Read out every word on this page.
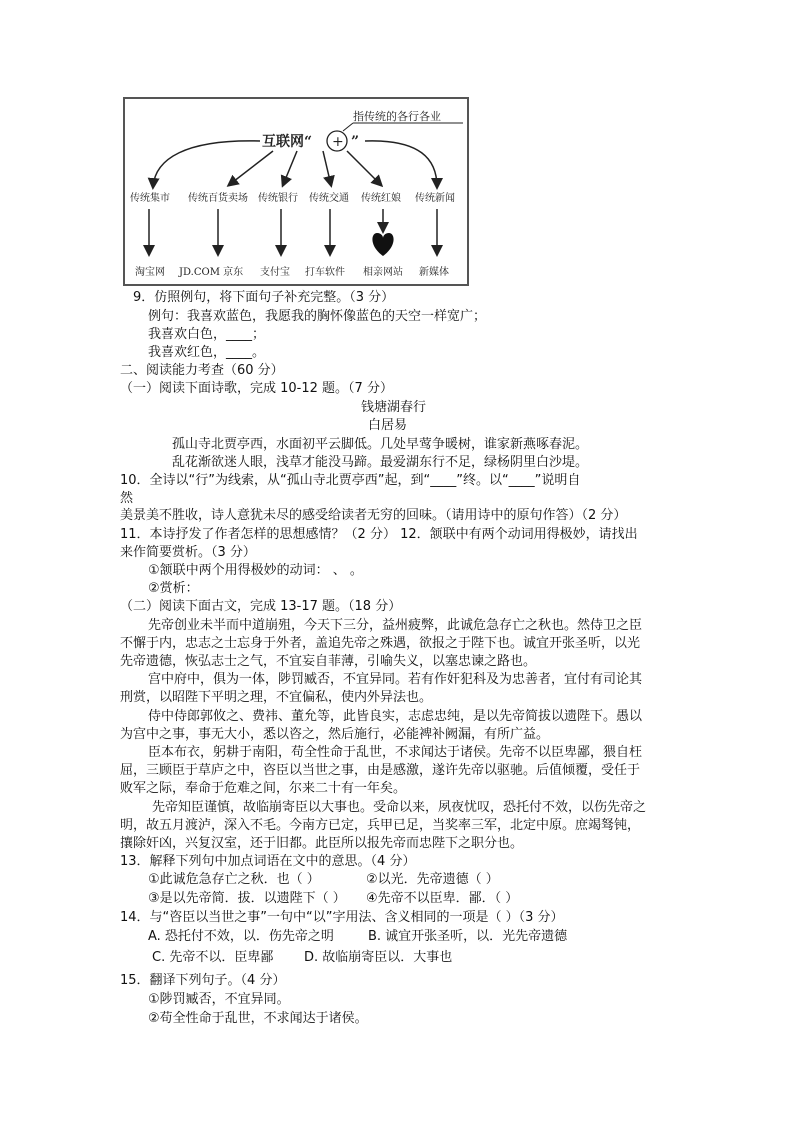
指传统的各行各业
互联网“ + ”
传统集市 传统百货卖场 传统银行 传统交通 传统红娘 传统新闻
淘宝网 JD.COM 京东 支付宝 打车软件 相亲网站 新媒体
9．仿照例句，将下面句子补充完整。（3 分）
例句：我喜欢蓝色，我愿我的胸怀像蓝色的天空一样宽广；
我喜欢白色，____；
我喜欢红色，____。
二、阅读能力考查（60 分）
（一）阅读下面诗歌，完成 10-12 题。（7 分）
钱塘湖春行
白居易
孤山寺北贾亭西，水面初平云脚低。几处早莺争暖树，谁家新燕啄春泥。
乱花渐欲迷人眼，浅草才能没马蹄。最爱湖东行不足，绿杨阴里白沙堤。
10．全诗以“行”为线索，从“孤山寺北贾亭西”起，到“____”终。以“____”说明自
然
美景美不胜收，诗人意犹未尽的感受给读者无穷的回味。（请用诗中的原句作答）（2 分）
11．本诗抒发了作者怎样的思想感情？（2 分） 12．颔联中有两个动词用得极妙，请找出
来作简要赏析。（3 分）
①颔联中两个用得极妙的动词： 、 。
②赏析：
（二）阅读下面古文，完成 13-17 题。（18 分）
先帝创业未半而中道崩殂，今天下三分，益州疲弊，此诚危急存亡之秋也。然侍卫之臣
不懈于内，忠志之士忘身于外者，盖追先帝之殊遇，欲报之于陛下也。诚宜开张圣听，以光
先帝遗德，恢弘志士之气，不宜妄自菲薄，引喻失义，以塞忠谏之路也。
宫中府中，俱为一体，陟罚臧否，不宜异同。若有作奸犯科及为忠善者，宜付有司论其
刑赏，以昭陛下平明之理，不宜偏私，使内外异法也。
侍中侍郎郭攸之、费祎、董允等，此皆良实，志虑忠纯，是以先帝简拔以遗陛下。愚以
为宫中之事，事无大小，悉以咨之，然后施行，必能裨补阙漏，有所广益。
臣本布衣，躬耕于南阳，苟全性命于乱世，不求闻达于诸侯。先帝不以臣卑鄙，猥自枉
屈，三顾臣于草庐之中，咨臣以当世之事，由是感激，遂许先帝以驱驰。后值倾覆，受任于
败军之际，奉命于危难之间，尔来二十有一年矣。
先帝知臣谨慎，故临崩寄臣以大事也。受命以来，夙夜忧叹，恐托付不效，以伤先帝之
明，故五月渡泸，深入不毛。今南方已定，兵甲已足，当奖率三军，北定中原。庶竭驽钝，
攘除奸凶，兴复汉室，还于旧都。此臣所以报先帝而忠陛下之职分也。
13．解释下列句中加点词语在文中的意思。（4 分）
①此诚危急存亡之秋．也（ ）	②以光．先帝遗德（ ）
③是以先帝简．拔．以遗陛下（ ） ④先帝不以臣卑．鄙．（ ）
14．与“咨臣以当世之事”一句中“以”字用法、含义相同的一项是（ ）（3 分）
A. 恐托付不效，以．伤先帝之明	B. 诚宜开张圣听，以．光先帝遗德
C. 先帝不以．臣卑鄙 D. 故临崩寄臣以．大事也
15．翻译下列句子。（4 分）
①陟罚臧否，不宜异同。
②苟全性命于乱世，不求闻达于诸侯。
